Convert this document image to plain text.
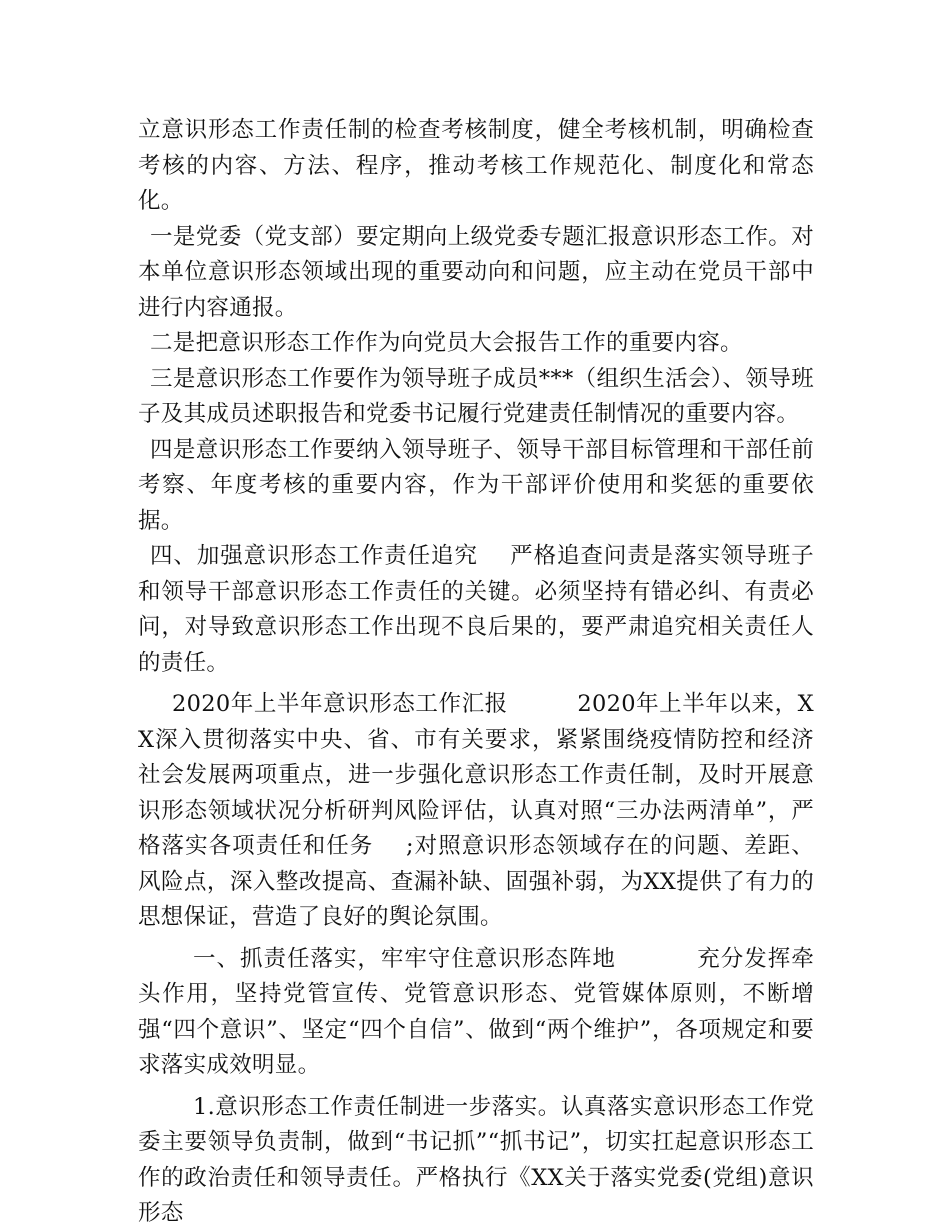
立意识形态工作责任制的检查考核制度，健全考核机制，明确检查考核的内容、方法、程序，推动考核工作规范化、制度化和常态化。

一是党委（党支部）要定期向上级党委专题汇报意识形态工作。对本单位意识形态领域出现的重要动向和问题，应主动在党员干部中进行内容通报。

二是把意识形态工作作为向党员大会报告工作的重要内容。

三是意识形态工作要作为领导班子成员***（组织生活会）、领导班子及其成员述职报告和党委书记履行党建责任制情况的重要内容。

四是意识形态工作要纳入领导班子、领导干部目标管理和干部任前考察、年度考核的重要内容，作为干部评价使用和奖惩的重要依据。

四、加强意识形态工作责任追究    严格追查问责是落实领导班子和领导干部意识形态工作责任的关键。必须坚持有错必纠、有责必问，对导致意识形态工作出现不良后果的，要严肃追究相关责任人的责任。

2020年上半年意识形态工作汇报         2020年上半年以来，XX深入贯彻落实中央、省、市有关要求，紧紧围绕疫情防控和经济社会发展两项重点，进一步强化意识形态工作责任制，及时开展意识形态领域状况分析研判风险评估，认真对照“三办法两清单”，严格落实各项责任和任务    ;对照意识形态领域存在的问题、差距、风险点，深入整改提高、查漏补缺、固强补弱，为XX提供了有力的思想保证，营造了良好的舆论氛围。

一、抓责任落实，牢牢守住意识形态阵地          充分发挥牵头作用，坚持党管宣传、党管意识形态、党管媒体原则，不断增强“四个意识”、坚定“四个自信”、做到“两个维护”，各项规定和要求落实成效明显。

1.意识形态工作责任制进一步落实。认真落实意识形态工作党委主要领导负责制，做到“书记抓”“抓书记”，切实扛起意识形态工作的政治责任和领导责任。严格执行《XX关于落实党委(党组)意识形态
